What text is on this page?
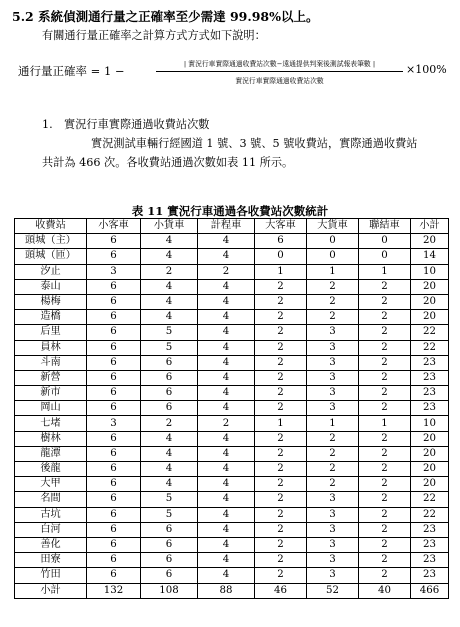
5.2 系統偵測通行量之正確率至少需達 99.98%以上。
有關通行量正確率之計算方式方式如下說明：
通行量正確率 = 1 −	| 實況行車實際通過收費站次數−遠通提供判案後測試報表筆數 |
實況行車實際通過收費站次數
×100%
1. 實況行車實際通過收費站次數
實況測試車輛行經國道 1 號、3 號、5 號收費站，實際通過收費站
共計為 466 次。各收費站通過次數如表 11 所示。
表 11 實況行車通過各收費站次數統計
收費站	小客車	小貨車	計程車	大客車	大貨車	聯結車	小計
頭城（主）	6	4	4	6	0	0	20
頭城（匝）	6	4	4	0	0	0	14
汐止	3	2	2	1	1	1	10
泰山	6	4	4	2	2	2	20
楊梅	6	4	4	2	2	2	20
造橋	6	4	4	2	2	2	20
后里	6	5	4	2	3	2	22
員林	6	5	4	2	3	2	22
斗南	6	6	4	2	3	2	23
新營	6	6	4	2	3	2	23
新市	6	6	4	2	3	2	23
岡山	6	6	4	2	3	2	23
七堵	3	2	2	1	1	1	10
樹林	6	4	4	2	2	2	20
龍潭	6	4	4	2	2	2	20
後龍	6	4	4	2	2	2	20
大甲	6	4	4	2	2	2	20
名間	6	5	4	2	3	2	22
古坑	6	5	4	2	3	2	22
白河	6	6	4	2	3	2	23
善化	6	6	4	2	3	2	23
田寮	6	6	4	2	3	2	23
竹田	6	6	4	2	3	2	23
小計	132	108	88	46	52	40	466
